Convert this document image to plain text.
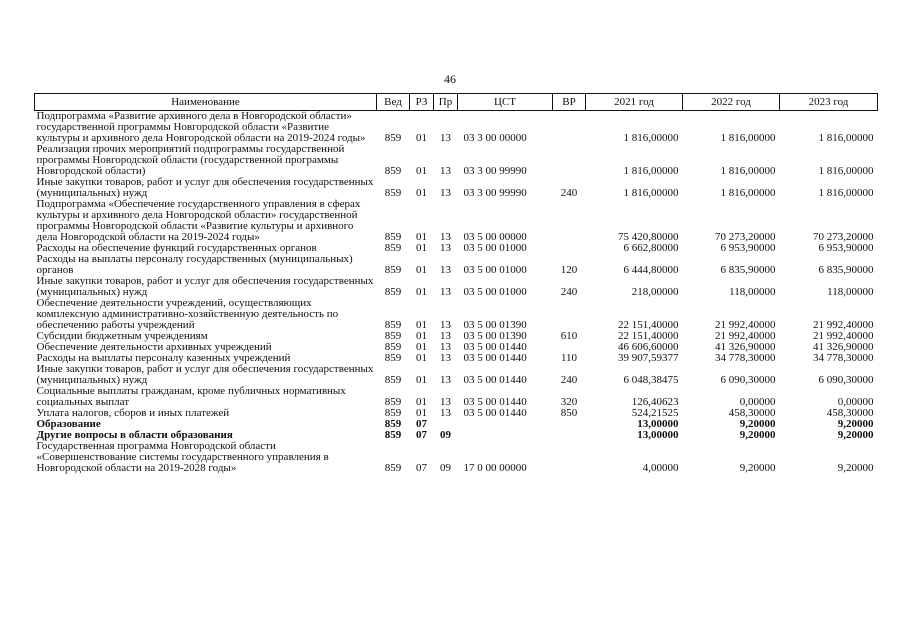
46
Наименование	Вед	РЗ	Пр	ЦСТ	ВР	2021 год	2022 год	2023 год
Подпрограмма «Развитие архивного дела в Новгородской области» государственной программы Новгородской области «Развитие культуры и архивного дела Новгородской области на 2019-2024 годы»	859	01	13	03 3 00 00000		1 816,00000	1 816,00000	1 816,00000
Реализация прочих мероприятий подпрограммы государственной программы Новгородской области (государственной программы Новгородской области)	859	01	13	03 3 00 99990		1 816,00000	1 816,00000	1 816,00000
Иные закупки товаров, работ и услуг для обеспечения государственных (муниципальных) нужд	859	01	13	03 3 00 99990	240	1 816,00000	1 816,00000	1 816,00000
Подпрограмма «Обеспечение государственного управления в сферах культуры и архивного дела Новгородской области» государственной программы Новгородской области «Развитие культуры и архивного дела Новгородской области на 2019-2024 годы»	859	01	13	03 5 00 00000		75 420,80000	70 273,20000	70 273,20000
Расходы на обеспечение функций государственных органов	859	01	13	03 5 00 01000		6 662,80000	6 953,90000	6 953,90000
Расходы на выплаты персоналу государственных (муниципальных) органов	859	01	13	03 5 00 01000	120	6 444,80000	6 835,90000	6 835,90000
Иные закупки товаров, работ и услуг для обеспечения государственных (муниципальных) нужд	859	01	13	03 5 00 01000	240	218,00000	118,00000	118,00000
Обеспечение деятельности учреждений, осуществляющих комплексную административно-хозяйственную деятельность по обеспечению работы учреждений	859	01	13	03 5 00 01390		22 151,40000	21 992,40000	21 992,40000
Субсидии бюджетным учреждениям	859	01	13	03 5 00 01390	610	22 151,40000	21 992,40000	21 992,40000
Обеспечение деятельности архивных учреждений	859	01	13	03 5 00 01440		46 606,60000	41 326,90000	41 326,90000
Расходы на выплаты персоналу казенных учреждений	859	01	13	03 5 00 01440	110	39 907,59377	34 778,30000	34 778,30000
Иные закупки товаров, работ и услуг для обеспечения государственных (муниципальных) нужд	859	01	13	03 5 00 01440	240	6 048,38475	6 090,30000	6 090,30000
Социальные выплаты гражданам, кроме публичных нормативных социальных выплат	859	01	13	03 5 00 01440	320	126,40623	0,00000	0,00000
Уплата налогов, сборов и иных платежей	859	01	13	03 5 00 01440	850	524,21525	458,30000	458,30000
Образование	859	07				13,00000	9,20000	9,20000
Другие вопросы в области образования	859	07	09			13,00000	9,20000	9,20000
Государственная программа Новгородской области «Совершенствование системы государственного управления в Новгородской области на 2019-2028 годы»	859	07	09	17 0 00 00000		4,00000	9,20000	9,20000
